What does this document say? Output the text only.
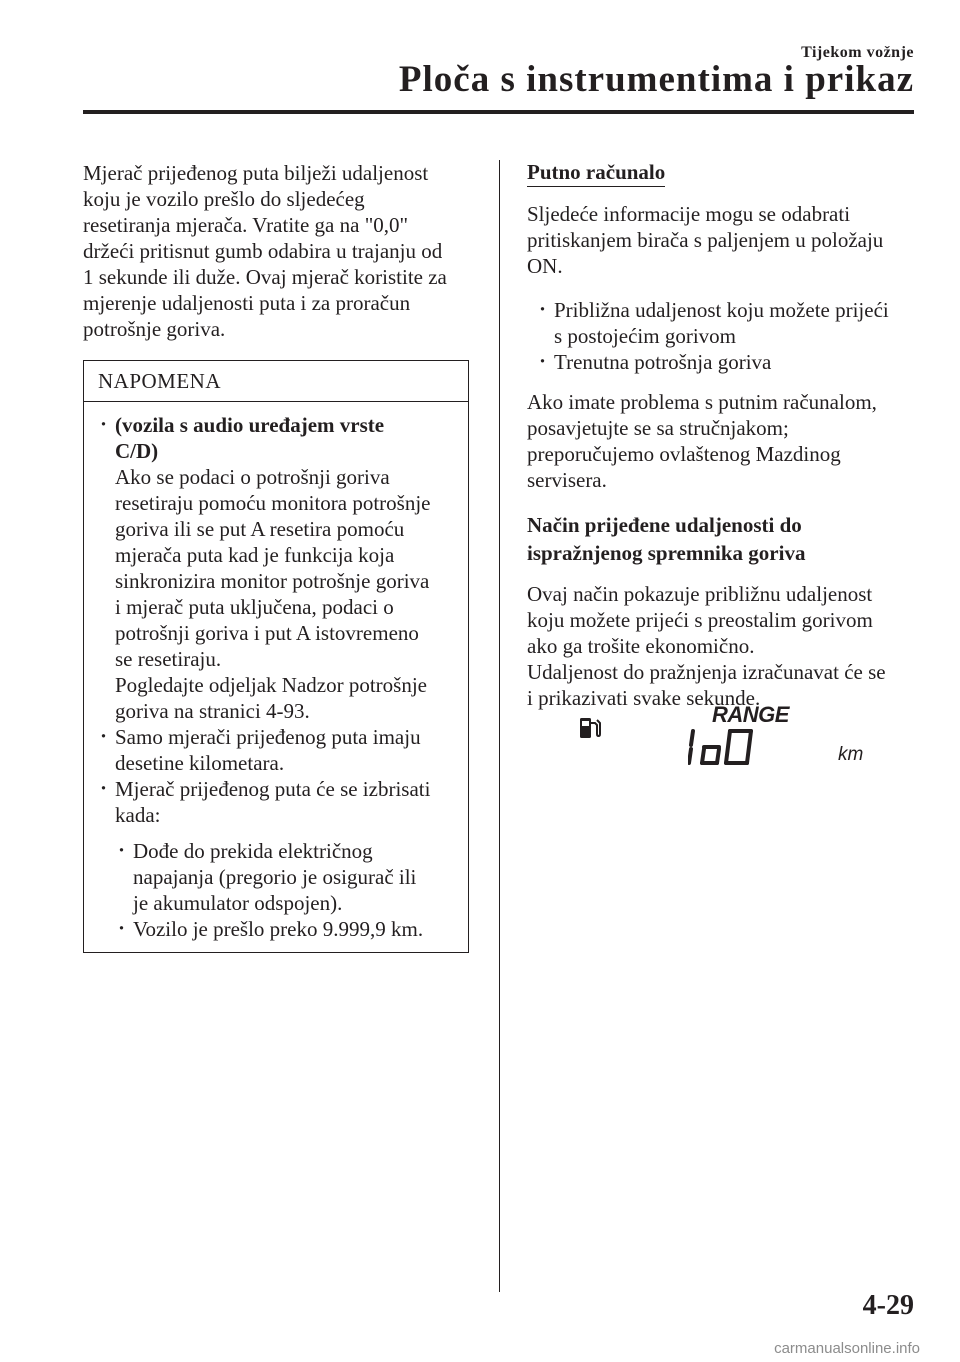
Tijekom vožnje
Ploča s instrumentima i prikaz

Mjerač prijeđenog puta bilježi udaljenost

koju je vozilo prešlo do sljedećeg

resetiranja mjerača. Vratite ga na "0,0"

držeći pritisnut gumb odabira u trajanju od

1 sekunde ili duže. Ovaj mjerač koristite za

mjerenje udaljenosti puta i za proračun

potrošnje goriva.

NAPOMENA

· (vozila s audio uređajem vrste

C/D)

Ako se podaci o potrošnji goriva

resetiraju pomoću monitora potrošnje

goriva ili se put A resetira pomoću

mjerača puta kad je funkcija koja

sinkronizira monitor potrošnje goriva

i mjerač puta uključena, podaci o

potrošnji goriva i put A istovremeno

se resetiraju.

Pogledajte odjeljak Nadzor potrošnje

goriva na stranici 4-93.

· Samo mjerači prijeđenog puta imaju

desetine kilometara.

· Mjerač prijeđenog puta će se izbrisati

kada:

· Dođe do prekida električnog

napajanja (pregorio je osigurač ili

je akumulator odspojen).

· Vozilo je prešlo preko 9.999,9 km.

Putno računalo

Sljedeće informacije mogu se odabrati

pritiskanjem birača s paljenjem u položaju

ON.

· Približna udaljenost koju možete prijeći

s postojećim gorivom

· Trenutna potrošnja goriva

Ako imate problema s putnim računalom,

posavjetujte se sa stručnjakom;

preporučujemo ovlaštenog Mazdinog

servisera.

Način prijeđene udaljenosti do
ispražnjenog spremnika goriva

Ovaj način pokazuje približnu udaljenost

koju možete prijeći s preostalim gorivom

ako ga trošite ekonomično.

Udaljenost do pražnjenja izračunavat će se

i prikazivati svake sekunde.

RANGE
km
4-29
carmanualsonline.info
